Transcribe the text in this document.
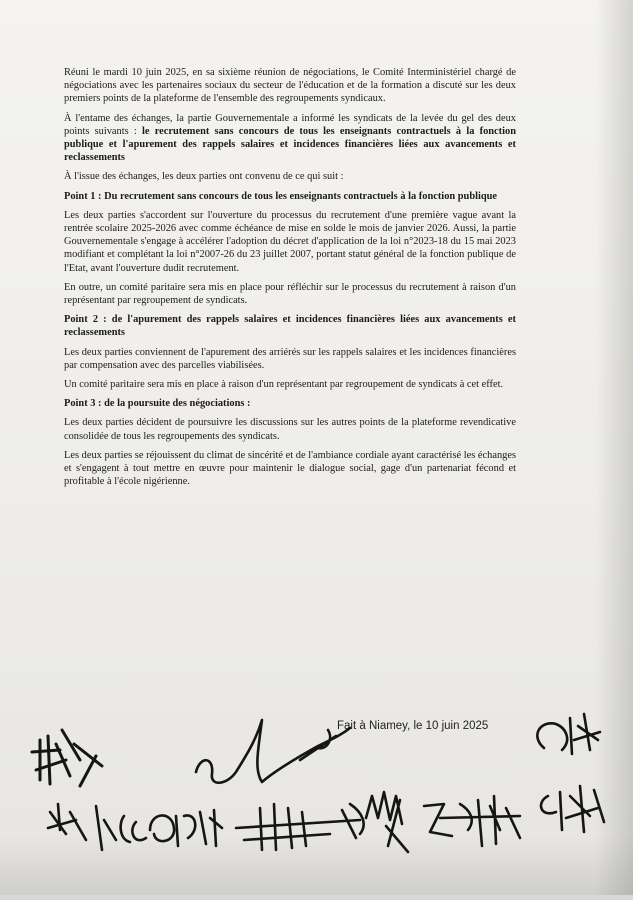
Réuni le mardi 10 juin 2025, en sa sixième réunion de négociations, le Comité Interministériel chargé de négociations avec les partenaires sociaux du secteur de l'éducation et de la formation a discuté sur les deux premiers points de la plateforme de l'ensemble des regroupements syndicaux.

À l'entame des échanges, la partie Gouvernementale a informé les syndicats de la levée du gel des deux points suivants : le recrutement sans concours de tous les enseignants contractuels à la fonction publique et l'apurement des rappels salaires et incidences financières liées aux avancements et reclassements

À l'issue des échanges, les deux parties ont convenu de ce qui suit :

Point 1 : Du recrutement sans concours de tous les enseignants contractuels à la fonction publique

Les deux parties s'accordent sur l'ouverture du processus du recrutement d'une première vague avant la rentrée scolaire 2025-2026 avec comme échéance de mise en solde le mois de janvier 2026. Aussi, la partie Gouvernementale s'engage à accélérer l'adoption du décret d'application de la loi n°2023-18 du 15 mai 2023 modifiant et complétant la loi n°2007-26 du 23 juillet 2007, portant statut général de la fonction publique de l'Etat, avant l'ouverture dudit recrutement.

En outre, un comité paritaire sera mis en place pour réfléchir sur le processus du recrutement à raison d'un représentant par regroupement de syndicats.

Point 2 : de l'apurement des rappels salaires et incidences financières liées aux avancements et reclassements

Les deux parties conviennent de l'apurement des arriérés sur les rappels salaires et les incidences financières par compensation avec des parcelles viabilisées.

Un comité paritaire sera mis en place à raison d'un représentant par regroupement de syndicats à cet effet.

Point 3 : de la poursuite des négociations :

Les deux parties décident de poursuivre les discussions sur les autres points de la plateforme revendicative consolidée de tous les regroupements des syndicats.

Les deux parties se réjouissent du climat de sincérité et de l'ambiance cordiale ayant caractérisé les échanges et s'engagent à tout mettre en œuvre pour maintenir le dialogue social, gage d'un partenariat fécond et profitable à l'école nigérienne.

Fait à Niamey, le 10 juin 2025
